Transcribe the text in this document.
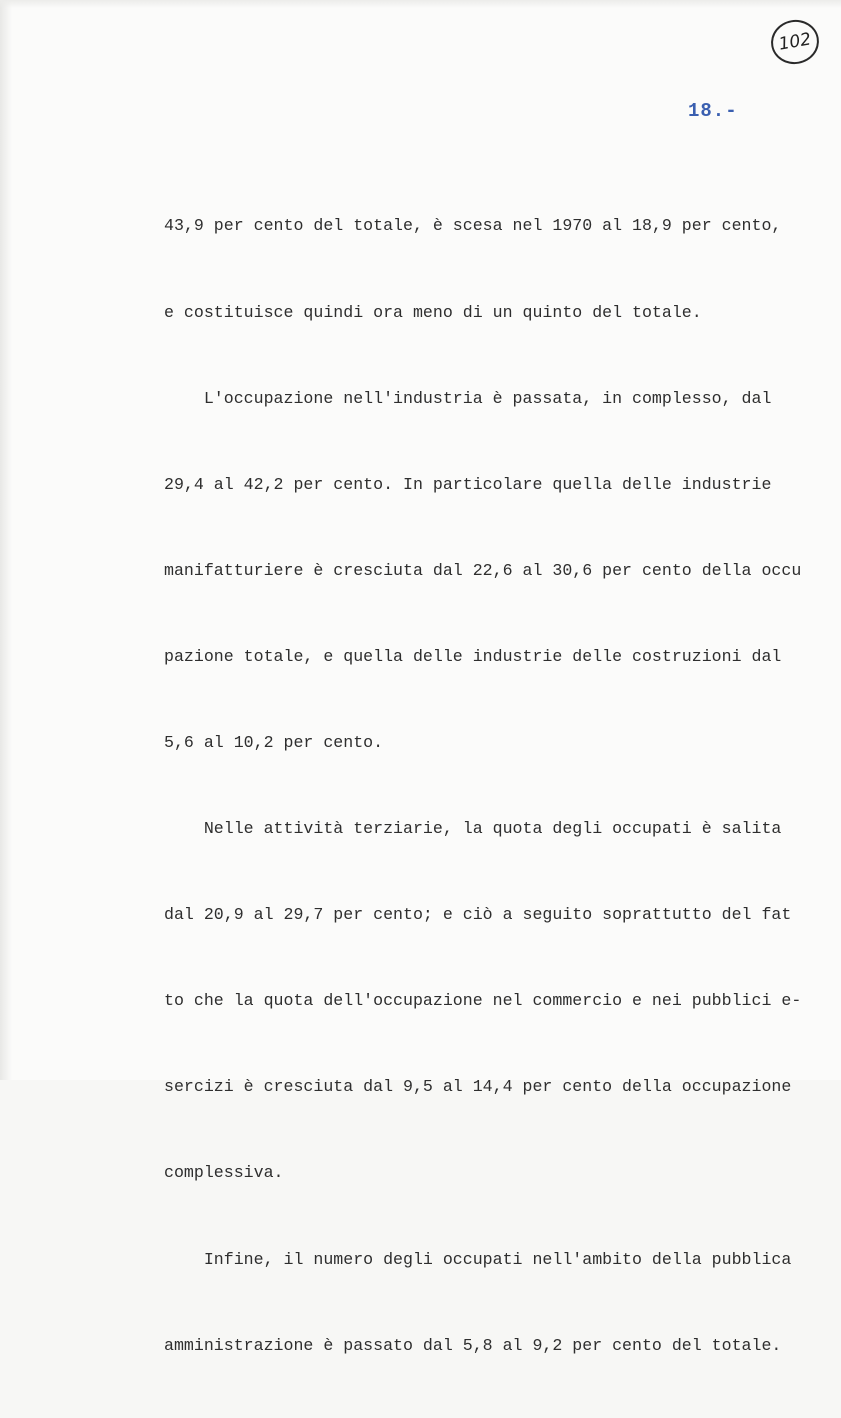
102
18.-

43,9 per cento del totale, è scesa nel 1970 al 18,9 per cento,

e costituisce quindi ora meno di un quinto del totale.

L'occupazione nell'industria è passata, in complesso, dal

29,4 al 42,2 per cento. In particolare quella delle industrie

manifatturiere è cresciuta dal 22,6 al 30,6 per cento della occu

pazione totale, e quella delle industrie delle costruzioni dal

5,6 al 10,2 per cento.

Nelle attività terziarie, la quota degli occupati è salita

dal 20,9 al 29,7 per cento; e ciò a seguito soprattutto del fat

to che la quota dell'occupazione nel commercio e nei pubblici e-

sercizi è cresciuta dal 9,5 al 14,4 per cento della occupazione

complessiva.

Infine, il numero degli occupati nell'ambito della pubblica

amministrazione è passato dal 5,8 al 9,2 per cento del totale.
